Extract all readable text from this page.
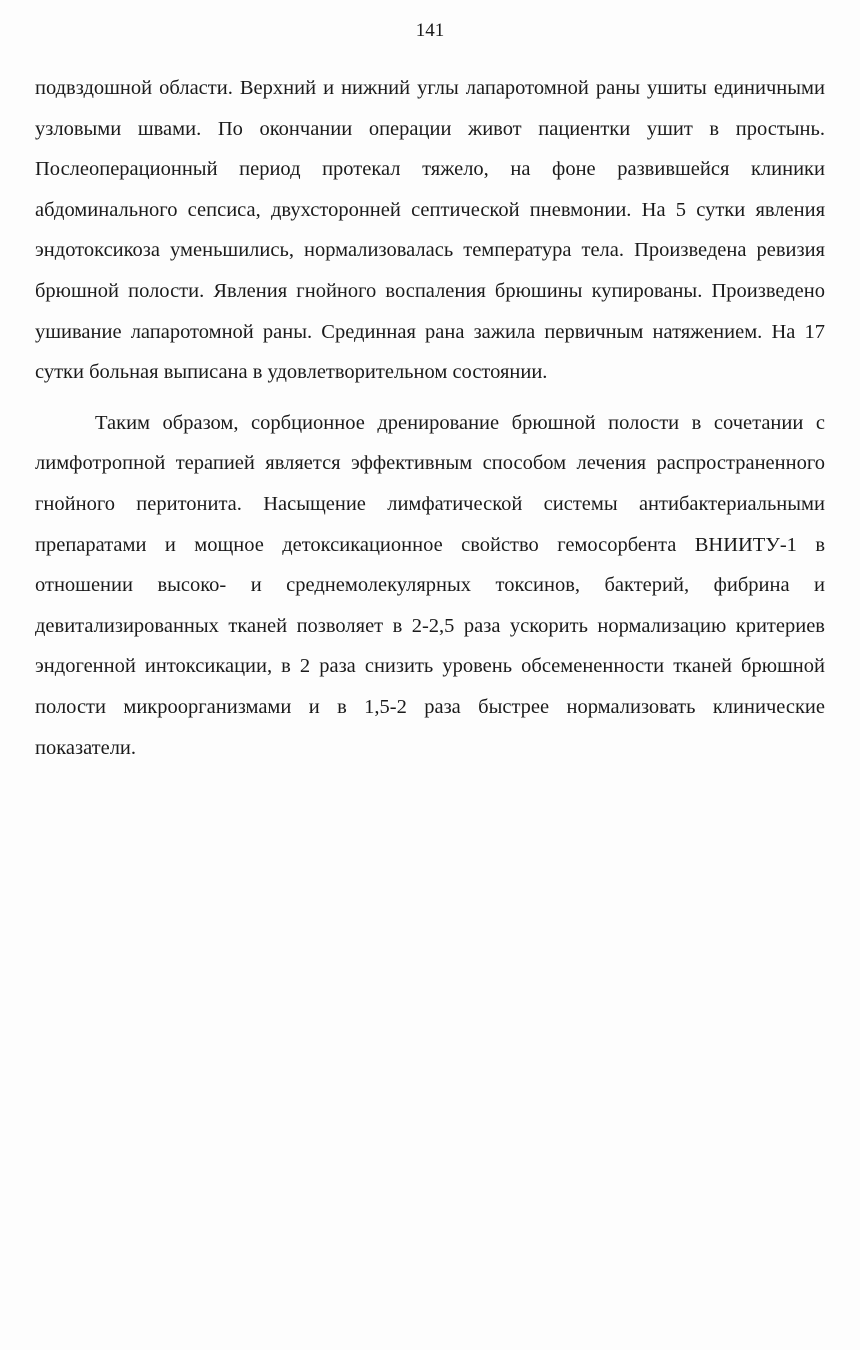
141

подвздошной области. Верхний и нижний углы лапаротомной раны ушиты единичными узловыми швами. По окончании операции живот пациентки ушит в простынь. Послеоперационный период протекал тяжело, на фоне развившейся клиники абдоминального сепсиса, двухсторонней септической пневмонии. На 5 сутки явления эндотоксикоза уменьшились, нормализовалась температура тела. Произведена ревизия брюшной полости. Явления гнойного воспаления брюшины купированы. Произведено ушивание лапаротомной раны. Срединная рана зажила первичным натяжением. На 17 сутки больная выписана в удовлетворительном состоянии.

Таким образом, сорбционное дренирование брюшной полости в сочетании с лимфотропной терапией является эффективным способом лечения распространенного гнойного перитонита. Насыщение лимфатической системы антибактериальными препаратами и мощное детоксикационное свойство гемосорбента ВНИИТУ-1 в отношении высоко- и среднемолекулярных токсинов, бактерий, фибрина и девитализированных тканей позволяет в 2-2,5 раза ускорить нормализацию критериев эндогенной интоксикации, в 2 раза снизить уровень обсемененности тканей брюшной полости микроорганизмами и в 1,5-2 раза быстрее нормализовать клинические показатели.
